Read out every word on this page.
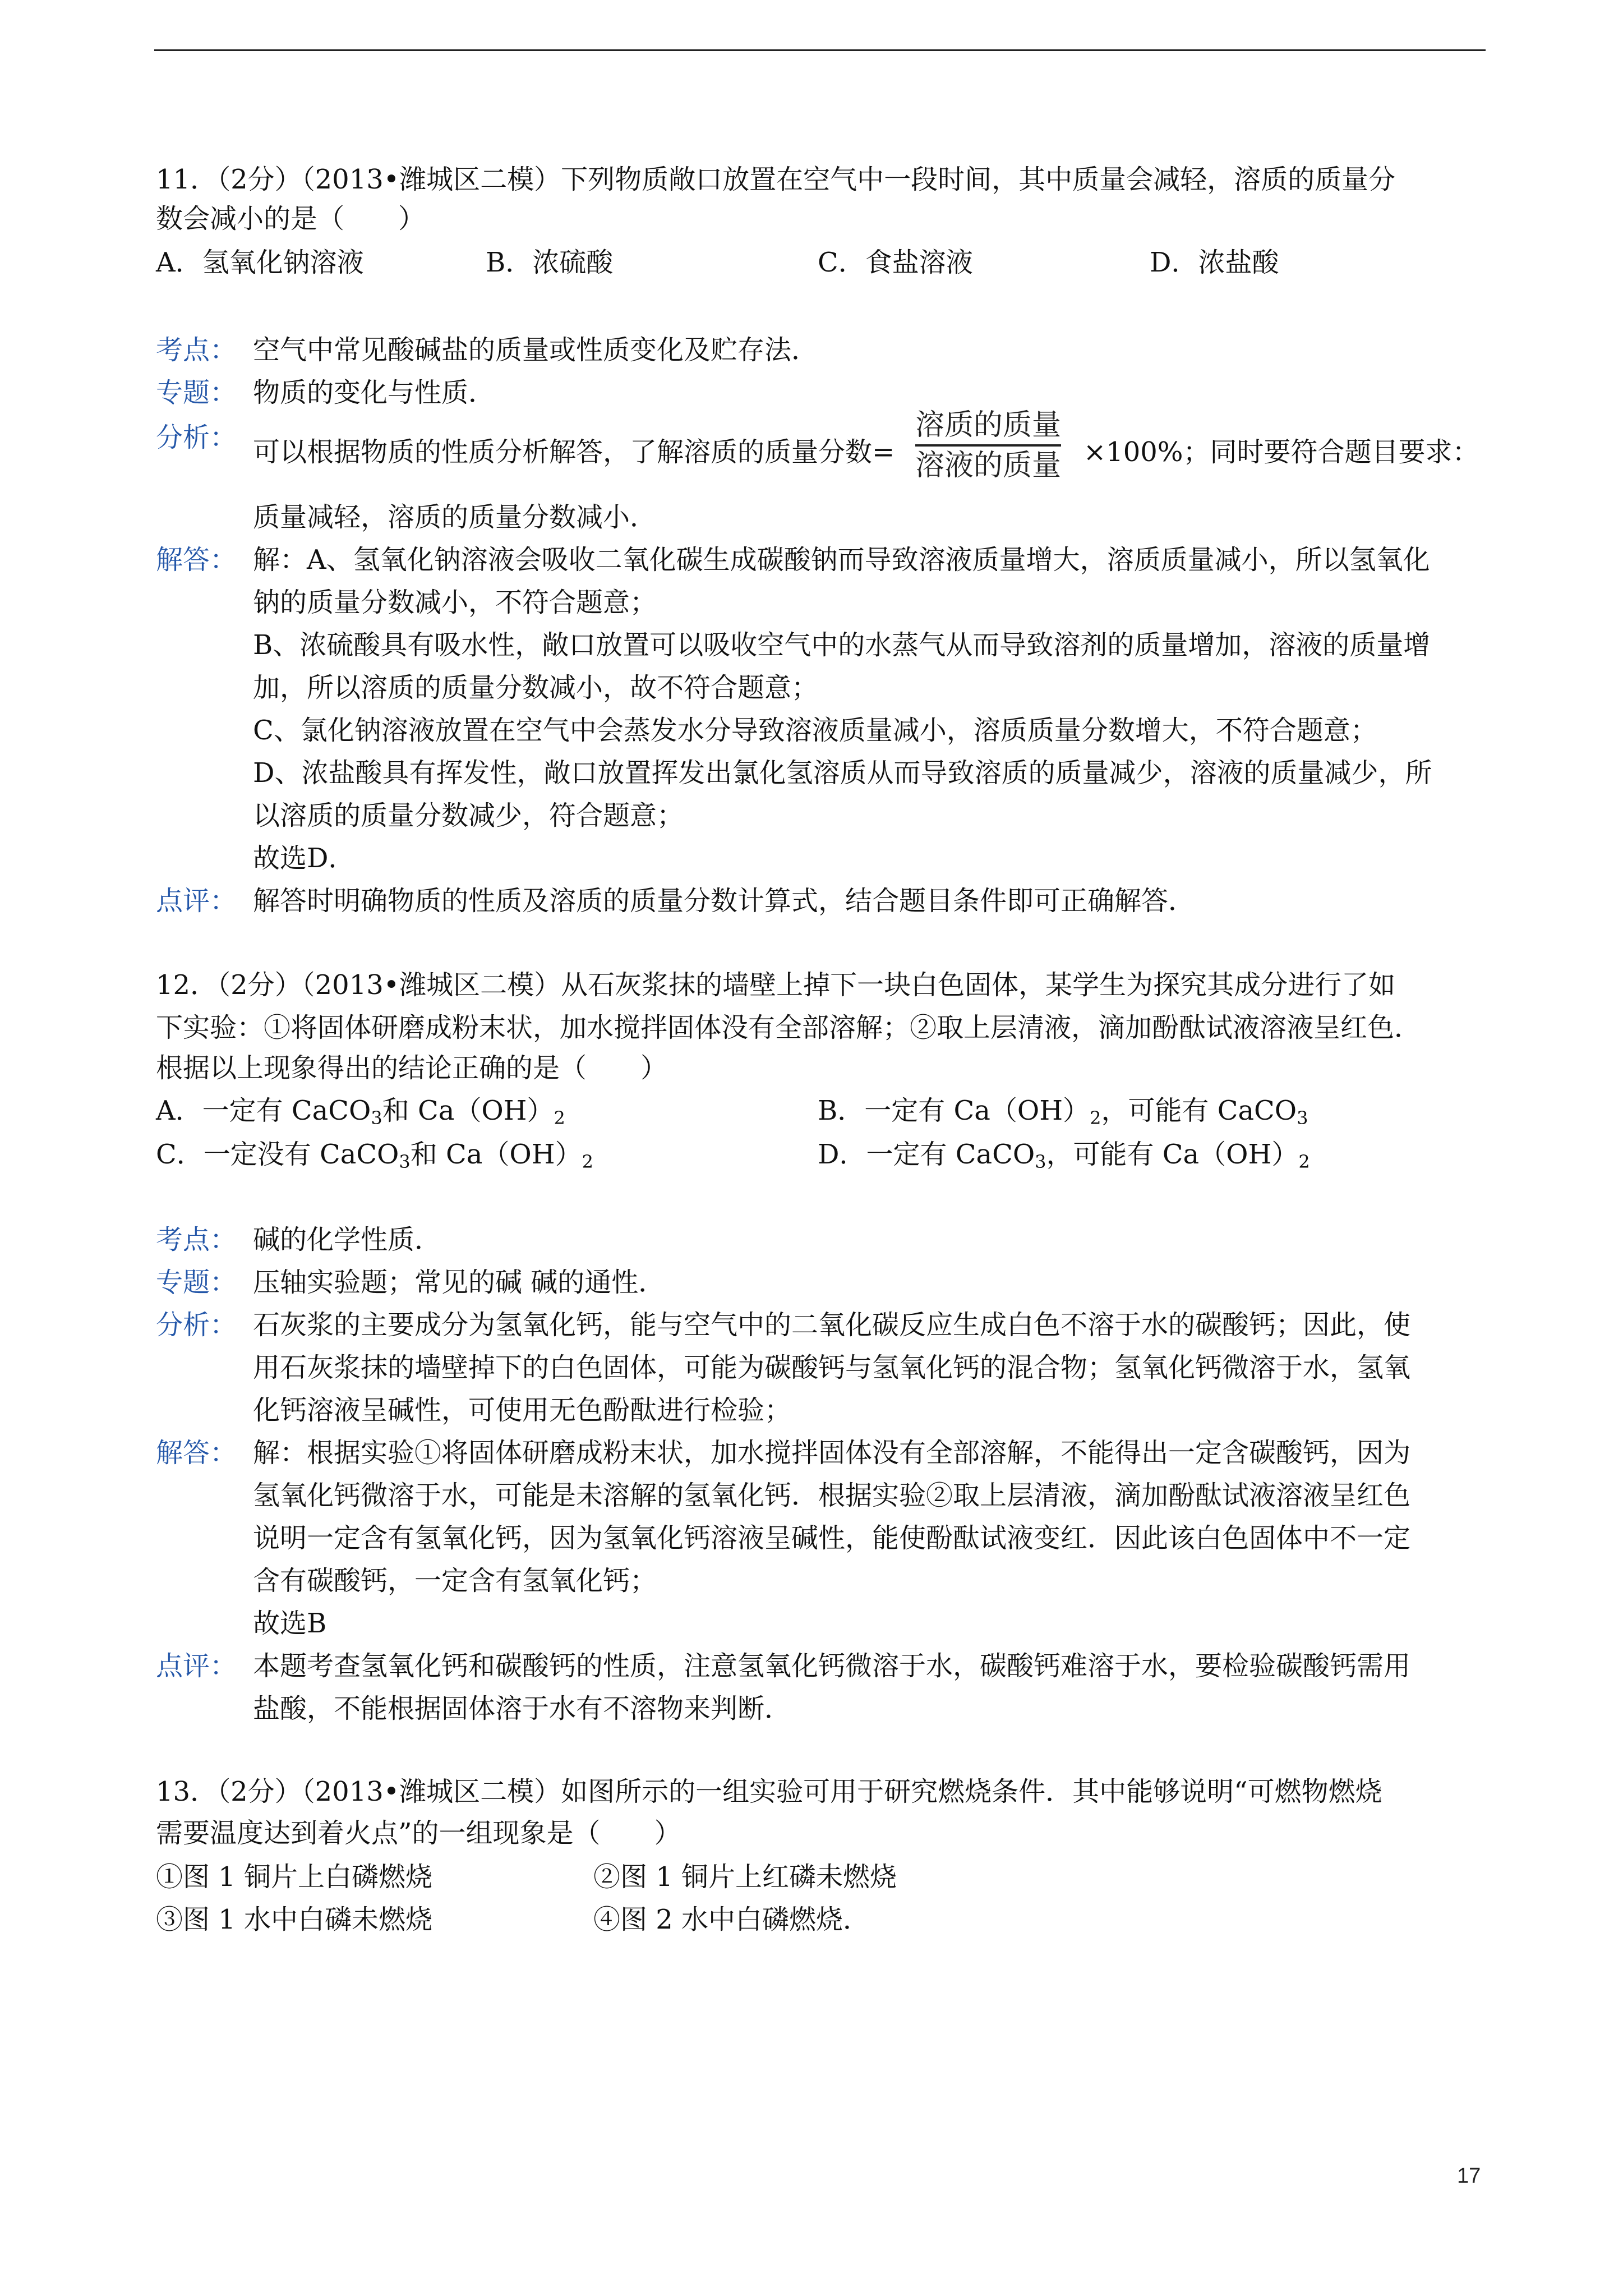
11．（2分）（2013•潍城区二模）下列物质敞口放置在空气中一段时间，其中质量会减轻，溶质的质量分
数会减小的是（　　）
A．氢氧化钠溶液	B．浓硫酸	C．食盐溶液	D．浓盐酸
考点： 空气中常见酸碱盐的质量或性质变化及贮存法．
专题： 物质的变化与性质．
分析： 可以根据物质的性质分析解答，了解溶质的质量分数=
溶质的质量
溶液的质量 ×100%；同时要符合题目要求：
质量减轻，溶质的质量分数减小．
解答： 解：A、氢氧化钠溶液会吸收二氧化碳生成碳酸钠而导致溶液质量增大，溶质质量减小，所以氢氧化
钠的质量分数减小，不符合题意；
B、浓硫酸具有吸水性，敞口放置可以吸收空气中的水蒸气从而导致溶剂的质量增加，溶液的质量增
加，所以溶质的质量分数减小，故不符合题意；
C、氯化钠溶液放置在空气中会蒸发水分导致溶液质量减小，溶质质量分数增大，不符合题意；
D、浓盐酸具有挥发性，敞口放置挥发出氯化氢溶质从而导致溶质的质量减少，溶液的质量减少，所
以溶质的质量分数减少，符合题意；
故选D．
点评： 解答时明确物质的性质及溶质的质量分数计算式，结合题目条件即可正确解答．
12．（2分）（2013•潍城区二模）从石灰浆抹的墙壁上掉下一块白色固体，某学生为探究其成分进行了如
下实验：①将固体研磨成粉末状，加水搅拌固体没有全部溶解；②取上层清液，滴加酚酞试液溶液呈红色．
根据以上现象得出的结论正确的是（　　）
A．一定有 CaCO$_3$和 $Ca(OH)_2$	B．一定有 $Ca(OH)_2$，可能有 CaCO$_3$
C．一定没有 CaCO$_3$和 $Ca(OH)_2$	D．一定有 CaCO$_3$，可能有 $Ca(OH)_2$
考点： 碱的化学性质．
专题： 压轴实验题；常见的碱 碱的通性．
分析： 石灰浆的主要成分为氢氧化钙，能与空气中的二氧化碳反应生成白色不溶于水的碳酸钙；因此，使
用石灰浆抹的墙壁掉下的白色固体，可能为碳酸钙与氢氧化钙的混合物；氢氧化钙微溶于水，氢氧
化钙溶液呈碱性，可使用无色酚酞进行检验；
解答： 解：根据实验①将固体研磨成粉末状，加水搅拌固体没有全部溶解，不能得出一定含碳酸钙，因为
氢氧化钙微溶于水，可能是未溶解的氢氧化钙．根据实验②取上层清液，滴加酚酞试液溶液呈红色
说明一定含有氢氧化钙，因为氢氧化钙溶液呈碱性，能使酚酞试液变红．因此该白色固体中不一定
含有碳酸钙，一定含有氢氧化钙；
故选B
点评： 本题考查氢氧化钙和碳酸钙的性质，注意氢氧化钙微溶于水，碳酸钙难溶于水，要检验碳酸钙需用
盐酸，不能根据固体溶于水有不溶物来判断．
13．（2分）（2013•潍城区二模）如图所示的一组实验可用于研究燃烧条件．其中能够说明“可燃物燃烧
需要温度达到着火点”的一组现象是（　　）
①图 1 铜片上白磷燃烧	②图 1 铜片上红磷未燃烧
③图 1 水中白磷未燃烧	④图 2 水中白磷燃烧．
17
